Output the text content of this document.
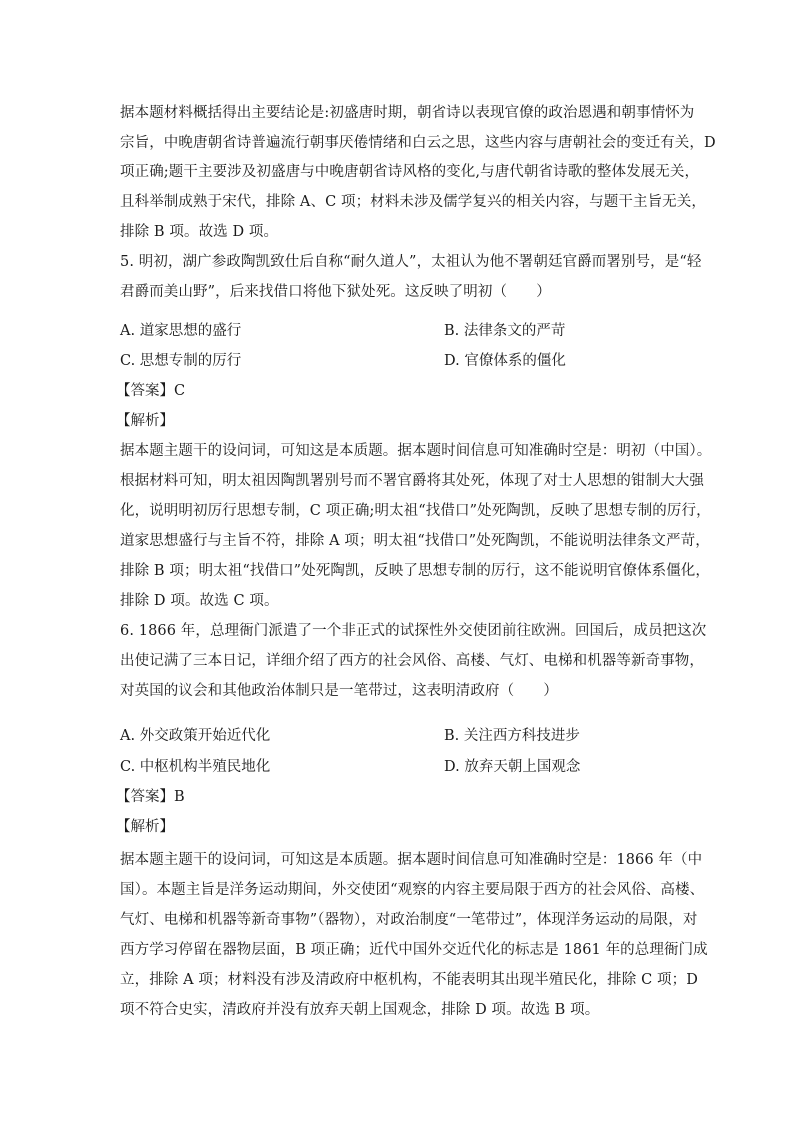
据本题材料概括得出主要结论是:初盛唐时期，朝省诗以表现官僚的政治恩遇和朝事情怀为
宗旨，中晚唐朝省诗普遍流行朝事厌倦情绪和白云之思，这些内容与唐朝社会的变迁有关，D
项正确;题干主要涉及初盛唐与中晚唐朝省诗风格的变化,与唐代朝省诗歌的整体发展无关，
且科举制成熟于宋代，排除 A、C 项；材料未涉及儒学复兴的相关内容，与题干主旨无关，
排除 B 项。故选 D 项。
5. 明初，湖广参政陶凯致仕后自称“耐久道人”，太祖认为他不署朝廷官爵而署别号，是“轻
君爵而美山野”，后来找借口将他下狱处死。这反映了明初（　　）
A. 道家思想的盛行	B. 法律条文的严苛
C. 思想专制的厉行	D. 官僚体系的僵化
【答案】C
【解析】
据本题主题干的设问词，可知这是本质题。据本题时间信息可知准确时空是：明初（中国）。
根据材料可知，明太祖因陶凯署别号而不署官爵将其处死，体现了对士人思想的钳制大大强
化，说明明初厉行思想专制，C 项正确;明太祖“找借口”处死陶凯，反映了思想专制的厉行，
道家思想盛行与主旨不符，排除 A 项；明太祖“找借口”处死陶凯，不能说明法律条文严苛，
排除 B 项；明太祖“找借口”处死陶凯，反映了思想专制的厉行，这不能说明官僚体系僵化，
排除 D 项。故选 C 项。
6. 1866 年，总理衙门派遣了一个非正式的试探性外交使团前往欧洲。回国后，成员把这次
出使记满了三本日记，详细介绍了西方的社会风俗、高楼、气灯、电梯和机器等新奇事物，
对英国的议会和其他政治体制只是一笔带过，这表明清政府（　　）
A. 外交政策开始近代化	B. 关注西方科技进步
C. 中枢机构半殖民地化	D. 放弃天朝上国观念
【答案】B
【解析】
据本题主题干的设问词，可知这是本质题。据本题时间信息可知准确时空是：1866 年（中
国）。本题主旨是洋务运动期间，外交使团“观察的内容主要局限于西方的社会风俗、高楼、
气灯、电梯和机器等新奇事物”（器物），对政治制度“一笔带过”，体现洋务运动的局限，对
西方学习停留在器物层面，B 项正确；近代中国外交近代化的标志是 1861 年的总理衙门成
立，排除 A 项；材料没有涉及清政府中枢机构，不能表明其出现半殖民化，排除 C 项；D
项不符合史实，清政府并没有放弃天朝上国观念，排除 D 项。故选 B 项。
